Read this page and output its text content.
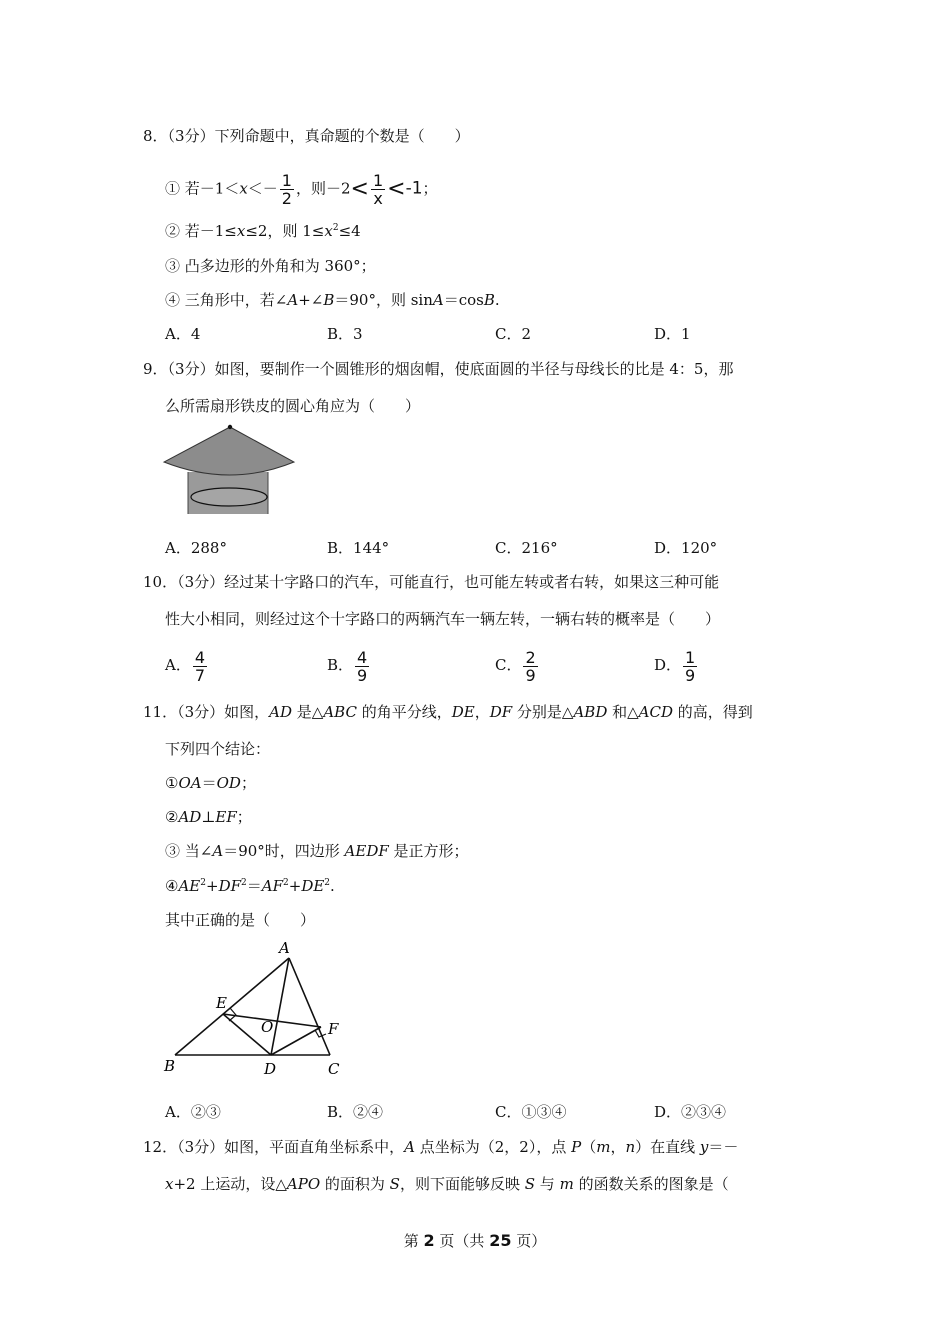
8．（3分）下列命题中，真命题的个数是（　　）
① 若$-1<x<- \frac{1}{2}$ ，则$-2< \frac{1}{x} <-1$；
② 若－1≤x≤2，则 $1\le x^2\le 4$
③ 凸多边形的外角和为 360°；
④ 三角形中，若∠A+∠B＝90°，则 sinA＝cosB.
A．4	B．3	C．2	D．1
9．（3分）如图，要制作一个圆锥形的烟囱帽，使底面圆的半径与母线长的比是 4：5，那
么所需扇形铁皮的圆心角应为（　　）
A．288°	B．144°	C．216°	D．120°
10．（3分）经过某十字路口的汽车，可能直行，也可能左转或者右转，如果这三种可能
性大小相同，则经过这个十字路口的两辆汽车一辆左转，一辆右转的概率是（　　）
A． $\frac{4}{7}$	B． $\frac{4}{9}$	C． $\frac{2}{9}$	D． $\frac{1}{9}$
11．（3分）如图，AD 是△ABC 的角平分线，DE，DF 分别是△ABD 和△ACD 的高，得到
下列四个结论：
①OA＝OD；
②AD⊥EF；
③ 当∠A＝90°时，四边形 AEDF 是正方形；
$④AE^2+DF^2=AF^2+DE^2$.
其中正确的是（　　）
A
B	C
D
E
F
O
A．②③	B．②④	C．①③④	D．②③④
12．（3分）如图，平面直角坐标系中，A 点坐标为（2，2），点 P（m，n）在直线 y＝－
x+2 上运动，设△APO 的面积为 S，则下面能够反映 S 与 m 的函数关系的图象是（
第 2 页（共 25 页）
